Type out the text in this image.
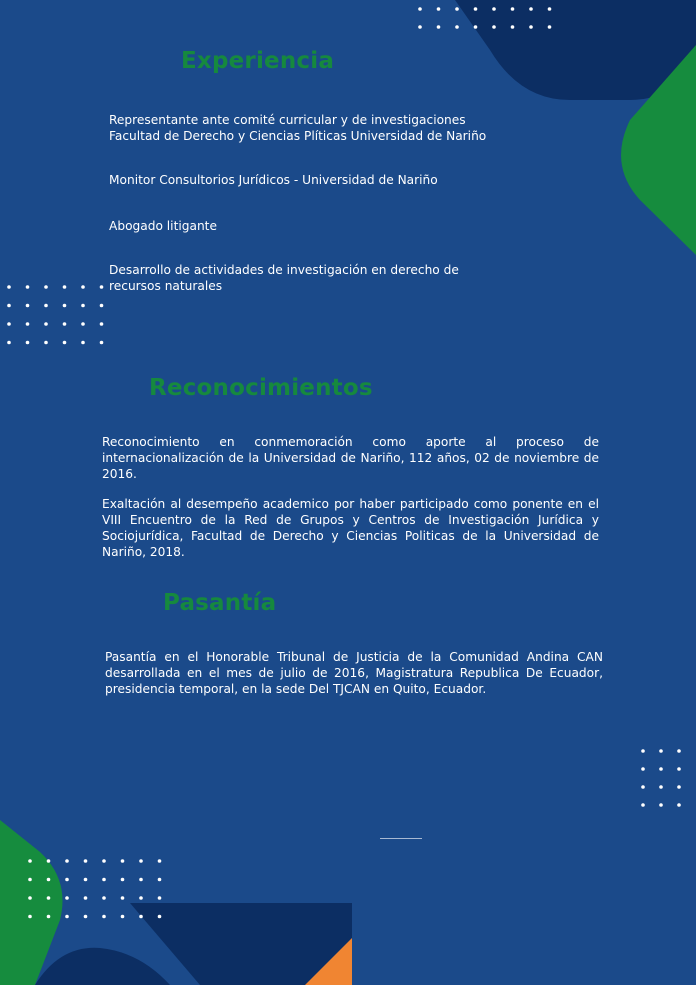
Experiencia
Representante ante comité curricular y de investigaciones
Facultad de Derecho y Ciencias Plíticas Universidad de Nariño
Monitor Consultorios Jurídicos - Universidad de Nariño
Abogado litigante
Desarrollo de actividades de investigación en derecho de
recursos naturales
Reconocimientos

Reconocimiento en conmemoración como aporte al proceso de internacionalización de la Universidad de Nariño, 112 años, 02 de noviembre de 2016.

Exaltación al desempeño academico por haber participado como ponente en el VIII Encuentro de la Red de Grupos y Centros de Investigación Jurídica y Sociojurídica, Facultad de Derecho y Ciencias Politicas de la Universidad de Nariño, 2018.

Pasantía

Pasantía en el Honorable Tribunal de Justicia de la Comunidad Andina CAN desarrollada en el mes de julio de 2016, Magistratura Republica De Ecuador, presidencia temporal, en la sede Del TJCAN en Quito, Ecuador.
